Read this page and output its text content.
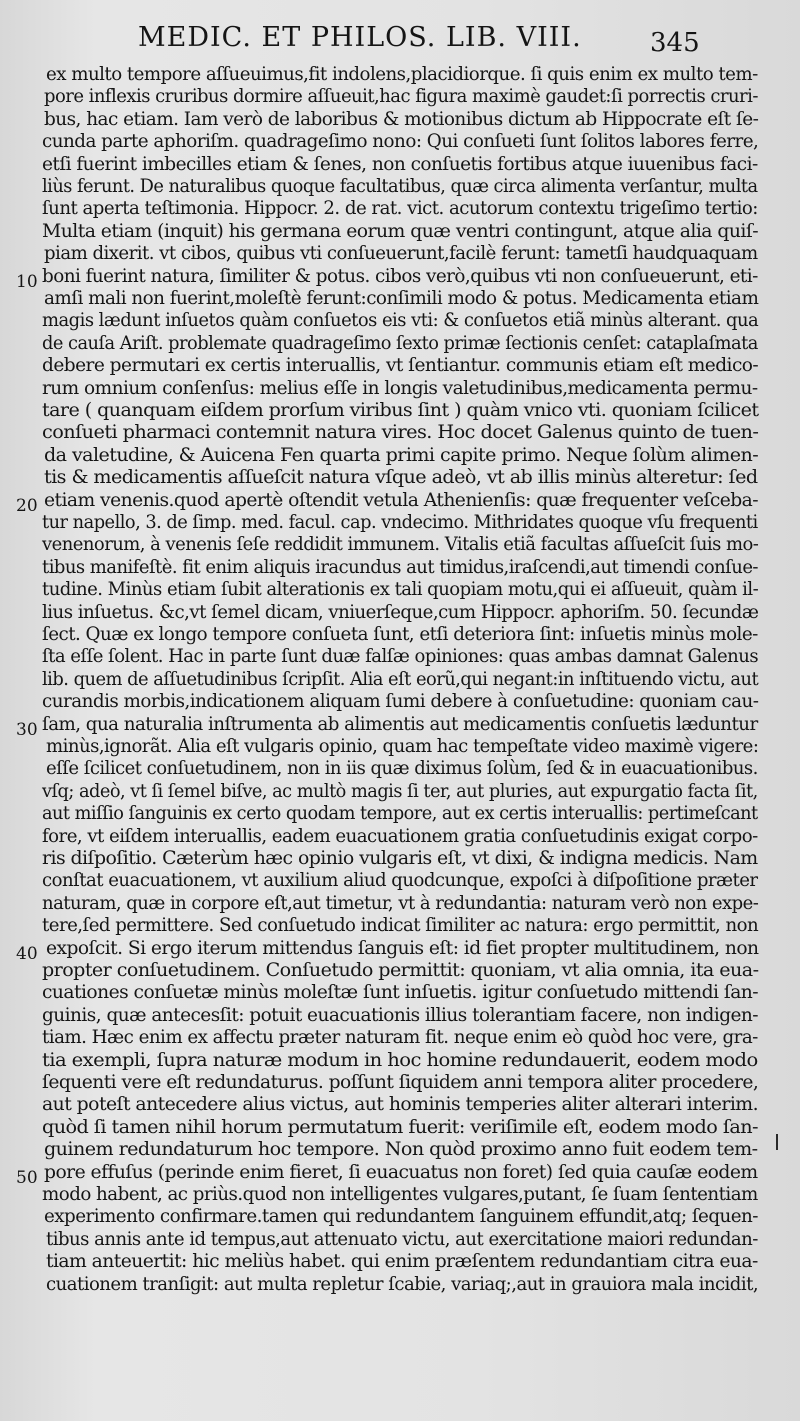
MEDIC. ET PHILOS. LIB. VIII.	345
ex multo tempore aſſueuimus,fit indolens,placidiorque. ſi quis enim ex multo tem-
pore inflexis cruribus dormire aſſueuit,hac figura maximè gaudet:ſi porrectis cruri-
bus, hac etiam. Iam verò de laboribus & motionibus dictum ab Hippocrate eſt ſe-
cunda parte aphoriſm. quadrageſimo nono: Qui conſueti ſunt ſolitos labores ferre,
etſi fuerint imbecilles etiam & ſenes, non conſuetis fortibus atque iuuenibus faci-
liùs ferunt. De naturalibus quoque facultatibus, quæ circa alimenta verſantur, multa
ſunt aperta teſtimonia. Hippocr. 2. de rat. vict. acutorum contextu trigeſimo tertio:
Multa etiam (inquit) his germana eorum quæ ventri contingunt, atque alia quiſ-
piam dixerit. vt cibos, quibus vti conſueuerunt,facilè ferunt: tametſi haudquaquam
boni fuerint natura, ſimiliter & potus. cibos verò,quibus vti non conſueuerunt, eti-
amſi mali non fuerint,moleſtè ferunt:conſimili modo & potus. Medicamenta etiam
magis lædunt inſuetos quàm conſuetos eis vti: & conſuetos etiã minùs alterant. qua
de cauſa Ariſt. problemate quadrageſimo ſexto primæ ſectionis cenſet: cataplaſmata
debere permutari ex certis interuallis, vt ſentiantur. communis etiam eſt medico-
rum omnium conſenſus: melius eſſe in longis valetudinibus,medicamenta permu-
tare ( quanquam eiſdem prorſum viribus ſint ) quàm vnico vti. quoniam ſcilicet
conſueti pharmaci contemnit natura vires. Hoc docet Galenus quinto de tuen-
da valetudine, & Auicena Fen quarta primi capite primo. Neque ſolùm alimen-
tis & medicamentis aſſueſcit natura vſque adeò, vt ab illis minùs alteretur: ſed
etiam venenis.quod apertè oſtendit vetula Athenienſis: quæ frequenter veſceba-
tur napello, 3. de ſimp. med. facul. cap. vndecimo. Mithridates quoque vſu frequenti
venenorum, à venenis ſeſe reddidit immunem. Vitalis etiã facultas aſſueſcit ſuis mo-
tibus manifeſtè. fit enim aliquis iracundus aut timidus,iraſcendi,aut timendi conſue-
tudine. Minùs etiam ſubit alterationis ex tali quopiam motu,qui ei aſſueuit, quàm il-
lius inſuetus. &c,vt ſemel dicam, vniuerſeque,cum Hippocr. aphoriſm. 50. ſecundæ
ſect. Quæ ex longo tempore conſueta ſunt, etſi deteriora ſint: inſuetis minùs mole-
ſta eſſe ſolent. Hac in parte ſunt duæ falſæ opiniones: quas ambas damnat Galenus
lib. quem de aſſuetudinibus ſcripſit. Alia eſt eorũ,qui negant:in inſtituendo victu, aut
curandis morbis,indicationem aliquam ſumi debere à conſuetudine: quoniam cau-
ſam, qua naturalia inſtrumenta ab alimentis aut medicamentis conſuetis læduntur
minùs,ignorãt. Alia eſt vulgaris opinio, quam hac tempeſtate video maximè vigere:
eſſe ſcilicet conſuetudinem, non in iis quæ diximus ſolùm, ſed & in euacuationibus.
vſq; adeò, vt ſi ſemel biſve, ac multò magis ſi ter, aut pluries, aut expurgatio facta ſit,
aut miſſio ſanguinis ex certo quodam tempore, aut ex certis interuallis: pertimeſcant
fore, vt eiſdem interuallis, eadem euacuationem gratia conſuetudinis exigat corpo-
ris diſpoſitio. Cæterùm hæc opinio vulgaris eſt, vt dixi, & indigna medicis. Nam
conſtat euacuationem, vt auxilium aliud quodcunque, expoſci à diſpoſitione præter
naturam, quæ in corpore eſt,aut timetur, vt à redundantia: naturam verò non expe-
tere,ſed permittere. Sed conſuetudo indicat ſimiliter ac natura: ergo permittit, non
expoſcit. Si ergo iterum mittendus ſanguis eſt: id fiet propter multitudinem, non
propter conſuetudinem. Conſuetudo permittit: quoniam, vt alia omnia, ita eua-
cuationes conſuetæ minùs moleſtæ ſunt inſuetis. igitur conſuetudo mittendi ſan-
guinis, quæ antecesſit: potuit euacuationis illius tolerantiam facere, non indigen-
tiam. Hæc enim ex affectu præter naturam fit. neque enim eò quòd hoc vere, gra-
tia exempli, ſupra naturæ modum in hoc homine redundauerit, eodem modo
ſequenti vere eſt redundaturus. poſſunt ſiquidem anni tempora aliter procedere,
aut poteſt antecedere alius victus, aut hominis temperies aliter alterari interim.
quòd ſi tamen nihil horum permutatum fuerit: veriſimile eſt, eodem modo ſan-
guinem redundaturum hoc tempore. Non quòd proximo anno fuit eodem tem-
pore effuſus (perinde enim fieret, ſi euacuatus non foret) ſed quia cauſæ eodem
modo habent, ac priùs.quod non intelligentes vulgares,putant, ſe ſuam ſententiam
experimento confirmare.tamen qui redundantem ſanguinem effundit,atq; ſequen-
tibus annis ante id tempus,aut attenuato victu, aut exercitatione maiori redundan-
tiam anteuertit: hic meliùs habet. qui enim præſentem redundantiam citra eua-
cuationem tranſigit: aut multa repletur ſcabie, variaq;,aut in grauiora mala incidit,
10
20
30
40
50
